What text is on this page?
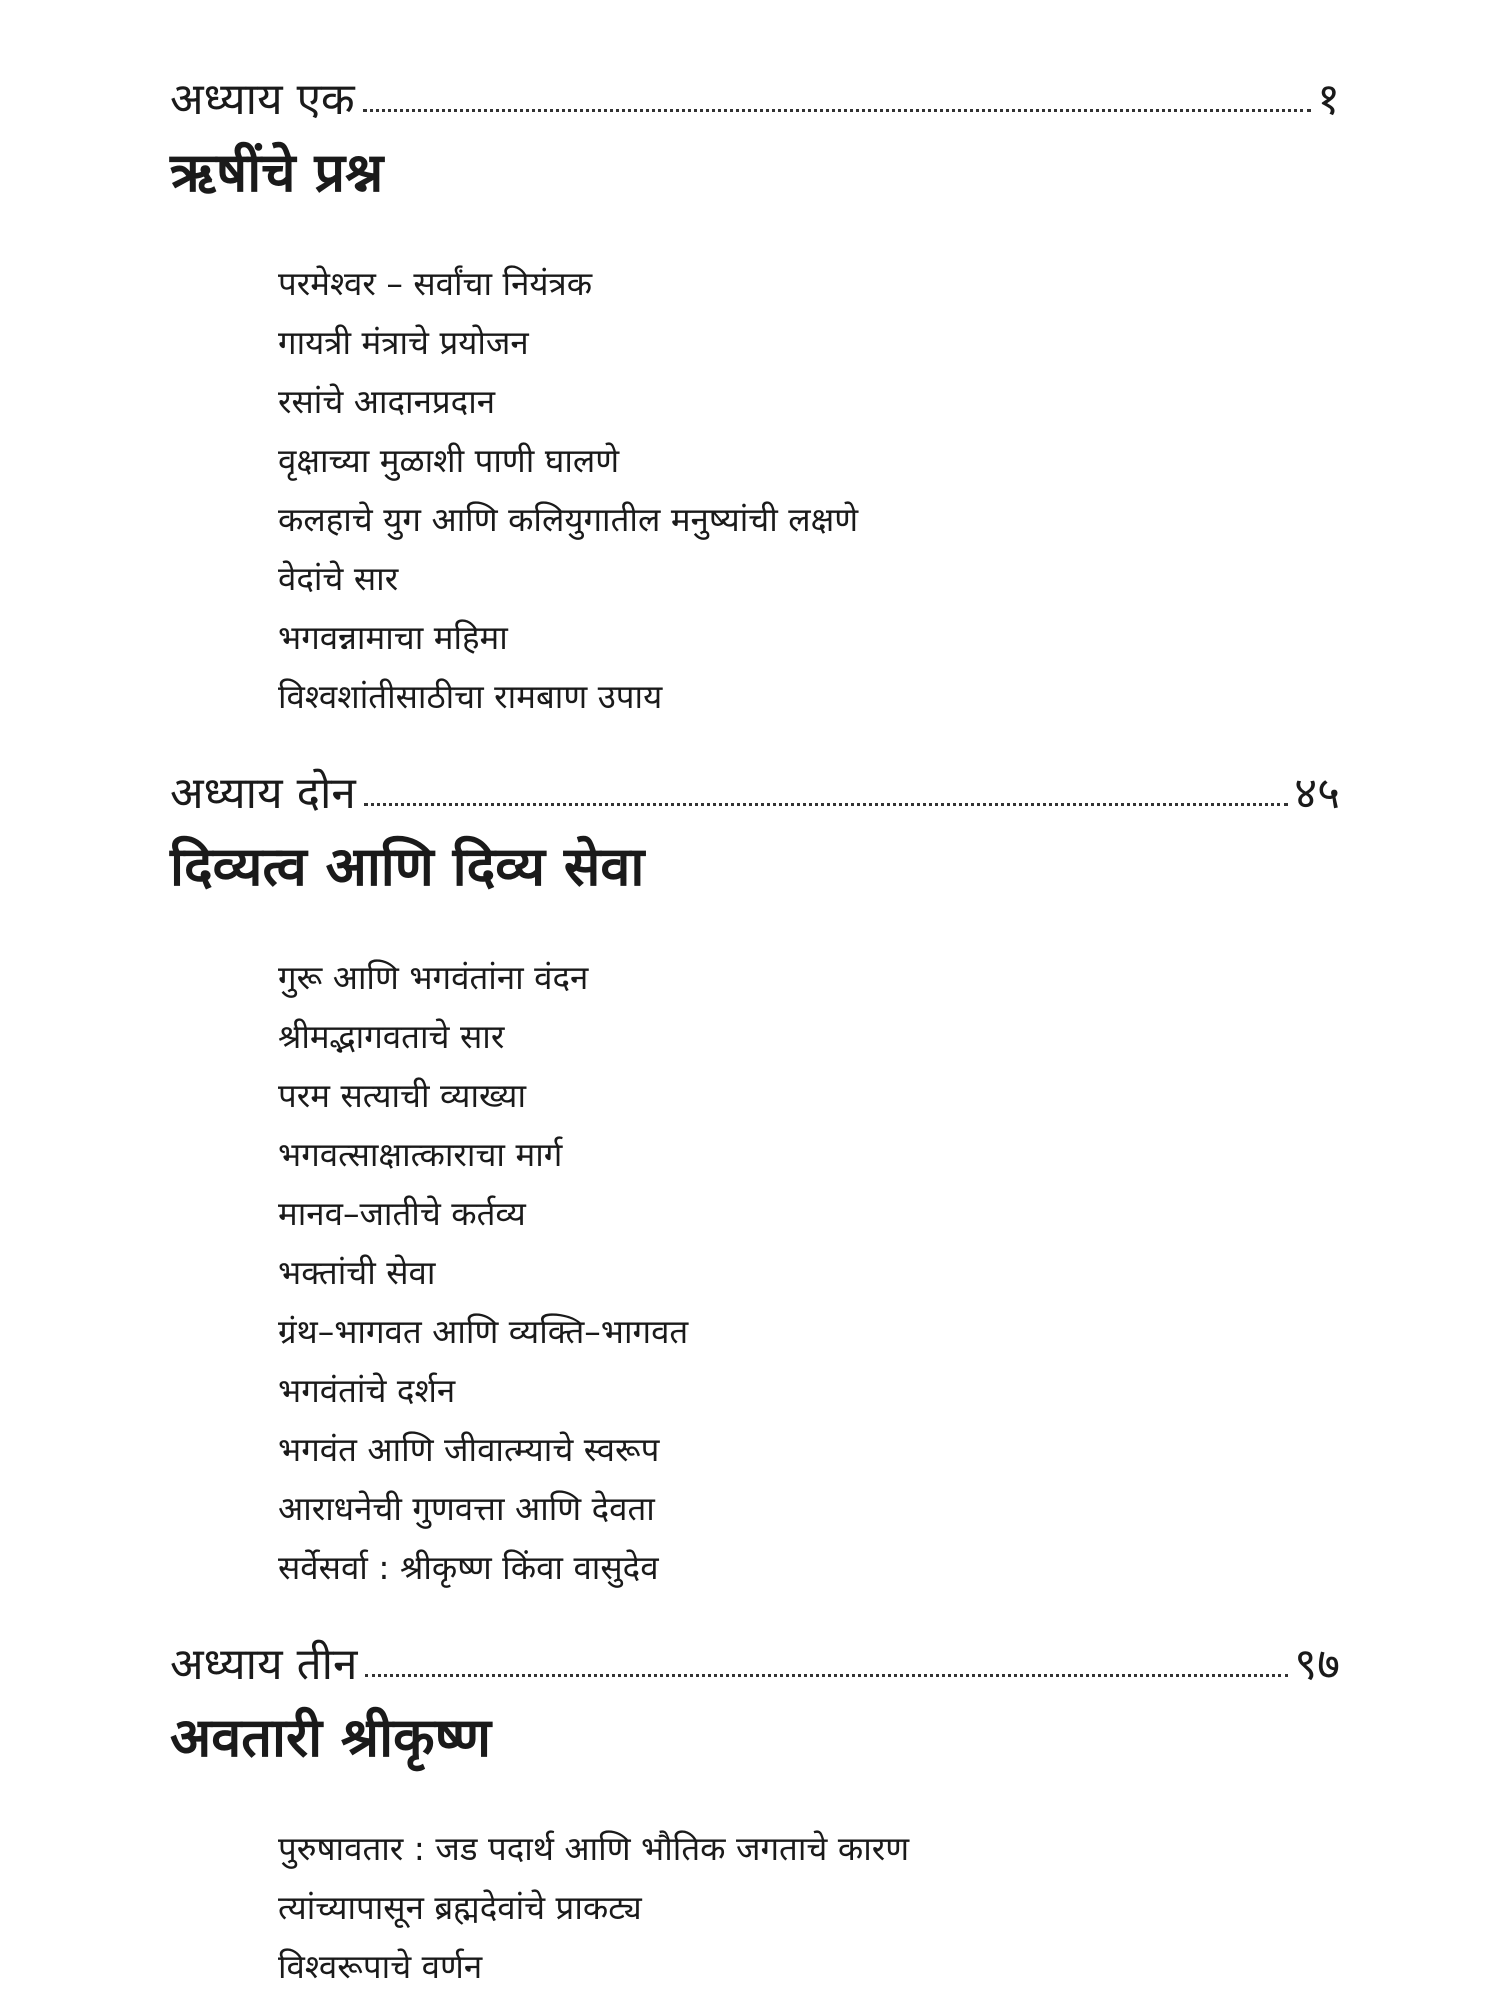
अध्याय एक	१
ऋषींचे प्रश्न
परमेश्वर – सर्वांचा नियंत्रक
गायत्री मंत्राचे प्रयोजन
रसांचे आदानप्रदान
वृक्षाच्या मुळाशी पाणी घालणे
कलहाचे युग आणि कलियुगातील मनुष्यांची लक्षणे
वेदांचे सार
भगवन्नामाचा महिमा
विश्वशांतीसाठीचा रामबाण उपाय
अध्याय दोन	४५
दिव्यत्व आणि दिव्य सेवा
गुरू आणि भगवंतांना वंदन
श्रीमद्भागवताचे सार
परम सत्याची व्याख्या
भगवत्साक्षात्काराचा मार्ग
मानव–जातीचे कर्तव्य
भक्तांची सेवा
ग्रंथ–भागवत आणि व्यक्ति–भागवत
भगवंतांचे दर्शन
भगवंत आणि जीवात्म्याचे स्वरूप
आराधनेची गुणवत्ता आणि देवता
सर्वेसर्वा : श्रीकृष्ण किंवा वासुदेव
अध्याय तीन	९७
अवतारी श्रीकृष्ण
पुरुषावतार : जड पदार्थ आणि भौतिक जगताचे कारण
त्यांच्यापासून ब्रह्मदेवांचे प्राकट्य
विश्वरूपाचे वर्णन
